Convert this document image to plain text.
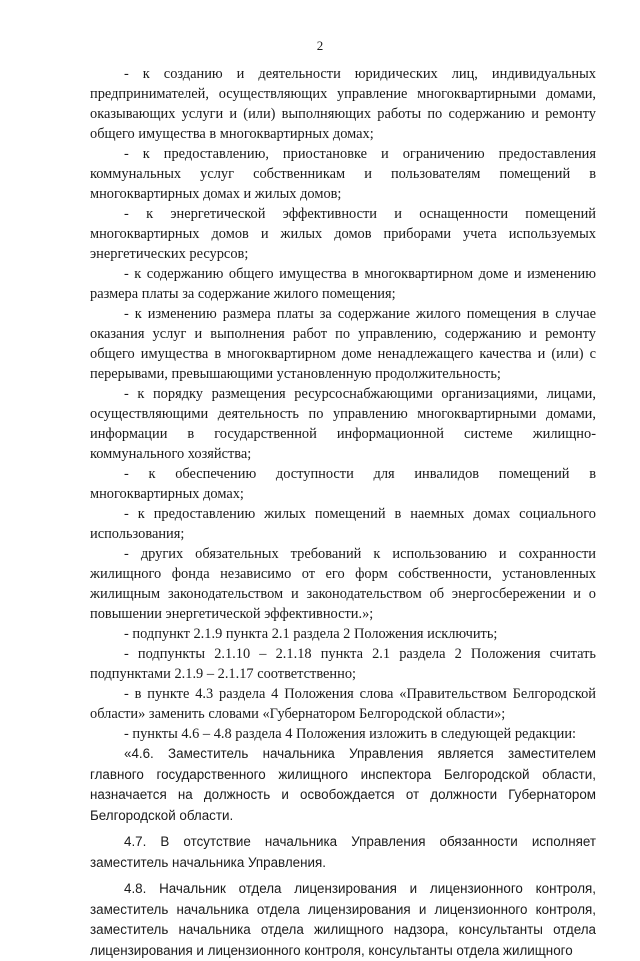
2

- к созданию и деятельности юридических лиц, индивидуальных предпринимателей, осуществляющих управление многоквартирными домами, оказывающих услуги и (или) выполняющих работы по содержанию и ремонту общего имущества в многоквартирных домах;

- к предоставлению, приостановке и ограничению предоставления коммунальных услуг собственникам и пользователям помещений в многоквартирных домах и жилых домов;

- к энергетической эффективности и оснащенности помещений многоквартирных домов и жилых домов приборами учета используемых энергетических ресурсов;

- к содержанию общего имущества в многоквартирном доме и изменению размера платы за содержание жилого помещения;

- к изменению размера платы за содержание жилого помещения в случае оказания услуг и выполнения работ по управлению, содержанию и ремонту общего имущества в многоквартирном доме ненадлежащего качества и (или) с перерывами, превышающими установленную продолжительность;

- к порядку размещения ресурсоснабжающими организациями, лицами, осуществляющими деятельность по управлению многоквартирными домами, информации в государственной информационной системе жилищно-коммунального хозяйства;

- к обеспечению доступности для инвалидов помещений в многоквартирных домах;

- к предоставлению жилых помещений в наемных домах социального использования;

- других обязательных требований к использованию и сохранности жилищного фонда независимо от его форм собственности, установленных жилищным законодательством и законодательством об энергосбережении и о повышении энергетической эффективности.»;

- подпункт 2.1.9 пункта 2.1 раздела 2 Положения исключить;

- подпункты 2.1.10 – 2.1.18 пункта 2.1 раздела 2 Положения считать подпунктами 2.1.9 – 2.1.17 соответственно;

- в пункте 4.3 раздела 4 Положения слова «Правительством Белгородской области» заменить словами «Губернатором Белгородской области»;

- пункты 4.6 – 4.8 раздела 4 Положения изложить в следующей редакции:

«4.6. Заместитель начальника Управления является заместителем главного государственного жилищного инспектора Белгородской области, назначается на должность и освобождается от должности Губернатором Белгородской области.

4.7. В отсутствие начальника Управления обязанности исполняет заместитель начальника Управления.

4.8. Начальник отдела лицензирования и лицензионного контроля, заместитель начальника отдела лицензирования и лицензионного контроля, заместитель начальника отдела жилищного надзора, консультанты отдела лицензирования и лицензионного контроля, консультанты отдела жилищного
